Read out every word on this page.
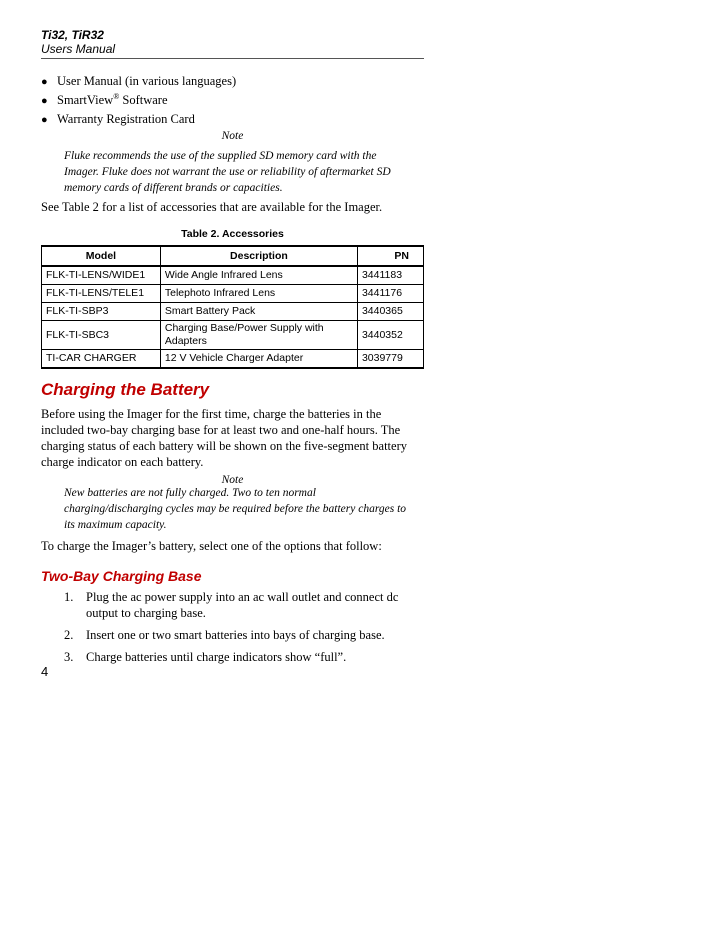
Ti32, TiR32
Users Manual
● User Manual (in various languages)
● SmartView® Software
● Warranty Registration Card
Note
Fluke recommends the use of the supplied SD memory card with the Imager. Fluke does not warrant the use or reliability of aftermarket SD memory cards of different brands or capacities.
See Table 2 for a list of accessories that are available for the Imager.
Table 2. Accessories
Model	Description	PN
FLK-TI-LENS/WIDE1	Wide Angle Infrared Lens	3441183
FLK-TI-LENS/TELE1	Telephoto Infrared Lens	3441176
FLK-TI-SBP3	Smart Battery Pack	3440365
FLK-TI-SBC3	Charging Base/Power Supply with Adapters	3440352
TI-CAR CHARGER	12 V Vehicle Charger Adapter	3039779
Charging the Battery
Before using the Imager for the first time, charge the batteries in the included two-bay charging base for at least two and one-half hours. The charging status of each battery will be shown on the five-segment battery charge indicator on each battery.
Note
New batteries are not fully charged. Two to ten normal charging/discharging cycles may be required before the battery charges to its maximum capacity.
To charge the Imager’s battery, select one of the options that follow:
Two-Bay Charging Base
1.	Plug the ac power supply into an ac wall outlet and connect dc output to charging base.
2.	Insert one or two smart batteries into bays of charging base.
3.	Charge batteries until charge indicators show “full”.
4
